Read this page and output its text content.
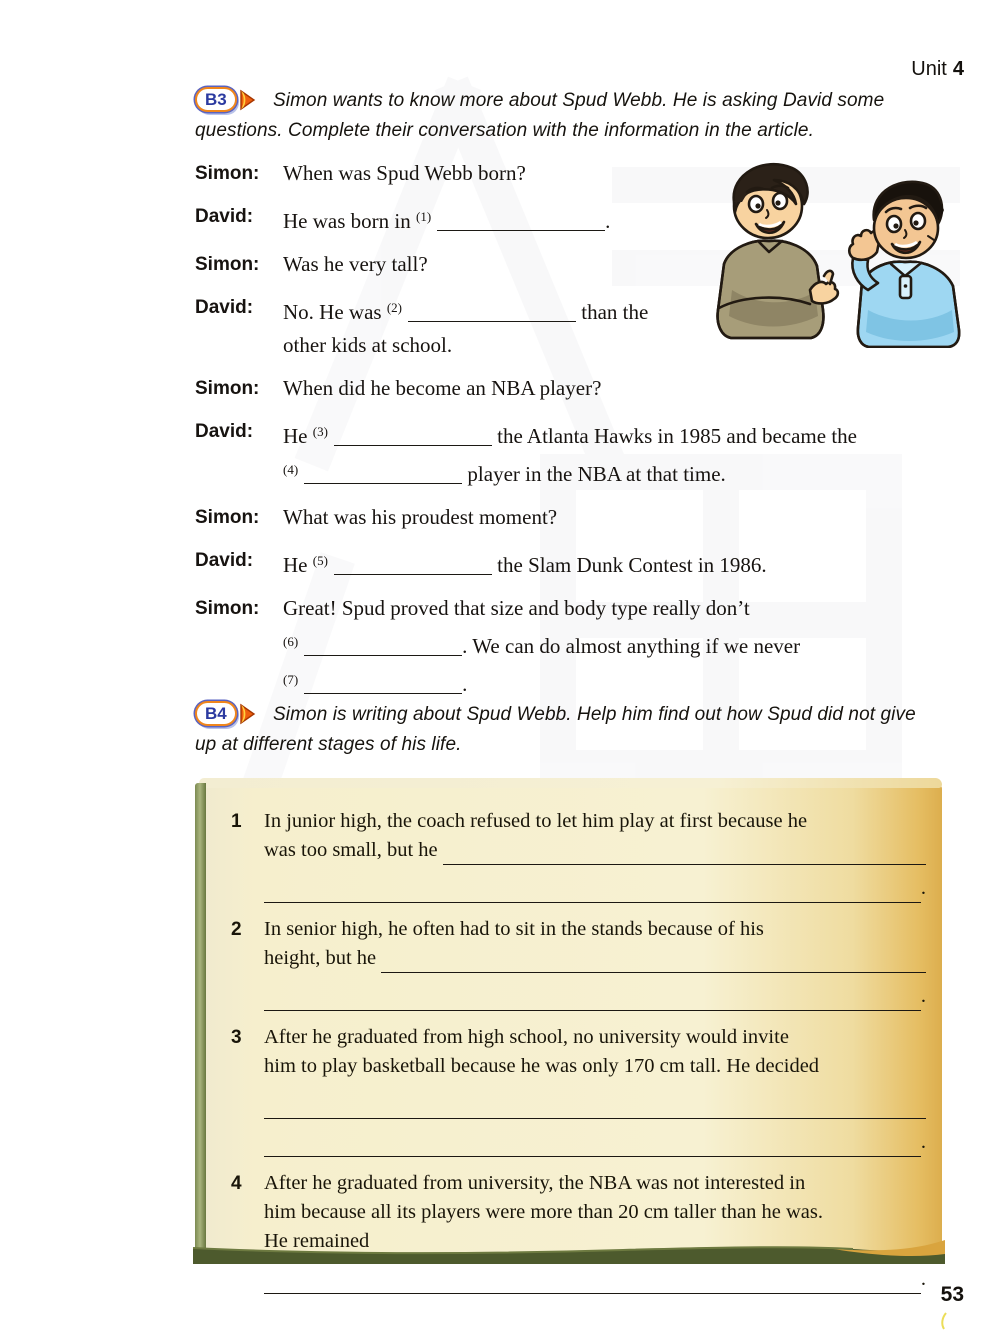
Unit 4
B3	Simon wants to know more about Spud Webb. He is asking David some
questions. Complete their conversation with the information in the article.
Simon:	When was Spud Webb born?
David:	He was born in $^{(1)}$	.
Simon:	Was he very tall?
David:	No. He was $^{(2)}$	than the
other kids at school.
Simon:	When did he become an NBA player?
David:	He $^{(3)}$	the Atlanta Hawks in 1985 and became the
$^{(4)}$	player in the NBA at that time.
Simon:	What was his proudest moment?
David:	He $^{(5)}$	the Slam Dunk Contest in 1986.
Simon:	Great! Spud proved that size and body type really don’t
$^{(6)}$	. We can do almost anything if we never
$^{(7)}$	.
B4	Simon is writing about Spud Webb. Help him find out how Spud did not give
up at different stages of his life.
1	In junior high, the coach refused to let him play at first because he
was too small, but he
.
2	In senior high, he often had to sit in the stands because of his
height, but he
.
3	After he graduated from high school, no university would invite
him to play basketball because he was only 170 cm tall. He decided
.
4	After he graduated from university, the NBA was not interested in
him because all its players were more than 20 cm taller than he was.
He remained
.
53
